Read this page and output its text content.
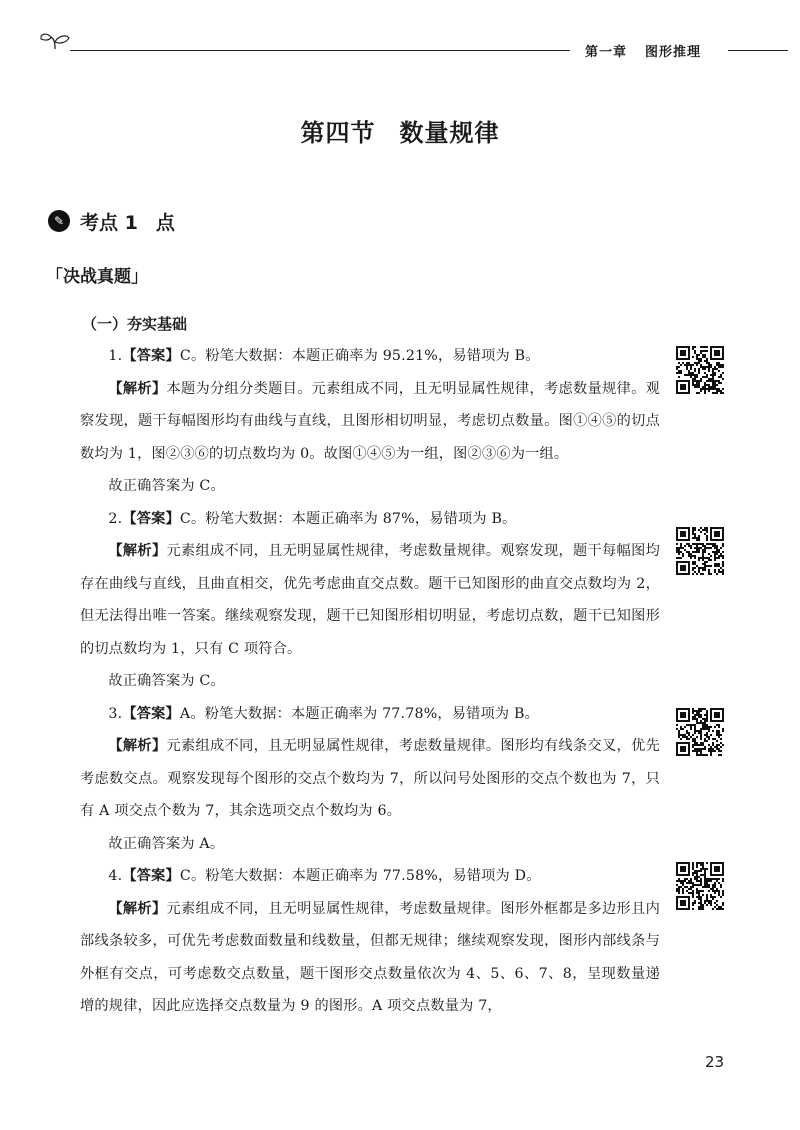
第一章 图形推理
第四节 数量规律
✎ 考点 1 点
「决战真题」
（一）夯实基础

1.【答案】C。粉笔大数据：本题正确率为 95.21%，易错项为 B。

【解析】本题为分组分类题目。元素组成不同，且无明显属性规律，考虑数量规律。观察发现，题干每幅图形均有曲线与直线，且图形相切明显，考虑切点数量。图①④⑤的切点数均为 1，图②③⑥的切点数均为 0。故图①④⑤为一组，图②③⑥为一组。

故正确答案为 C。

2.【答案】C。粉笔大数据：本题正确率为 87%，易错项为 B。

【解析】元素组成不同，且无明显属性规律，考虑数量规律。观察发现，题干每幅图均存在曲线与直线，且曲直相交，优先考虑曲直交点数。题干已知图形的曲直交点数均为 2，但无法得出唯一答案。继续观察发现，题干已知图形相切明显，考虑切点数，题干已知图形的切点数均为 1，只有 C 项符合。

故正确答案为 C。

3.【答案】A。粉笔大数据：本题正确率为 77.78%，易错项为 B。

【解析】元素组成不同，且无明显属性规律，考虑数量规律。图形均有线条交叉，优先考虑数交点。观察发现每个图形的交点个数均为 7，所以问号处图形的交点个数也为 7，只有 A 项交点个数为 7，其余选项交点个数均为 6。

故正确答案为 A。

4.【答案】C。粉笔大数据：本题正确率为 77.58%，易错项为 D。

【解析】元素组成不同，且无明显属性规律，考虑数量规律。图形外框都是多边形且内部线条较多，可优先考虑数面数量和线数量，但都无规律；继续观察发现，图形内部线条与外框有交点，可考虑数交点数量，题干图形交点数量依次为 4、5、6、7、8，呈现数量递增的规律，因此应选择交点数量为 9 的图形。A 项交点数量为 7，

23
